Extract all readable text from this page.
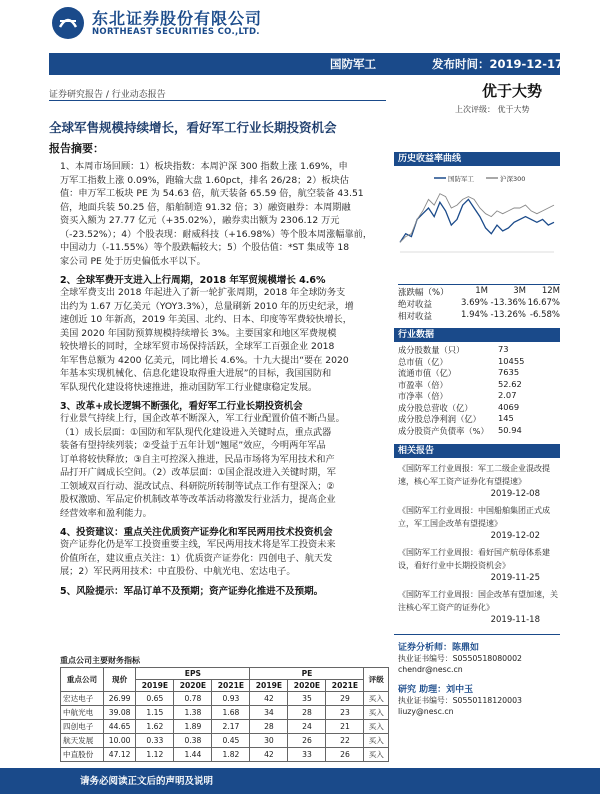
东北证券股份有限公司
NORTHEAST SECURITIES CO.,LTD.
国防军工	发布时间：2019-12-17
证券研究报告 / 行业动态报告	优于大势
上次评级： 优于大势
全球军售规模持续增长，看好军工行业长期投资机会
报告摘要：
1、本周市场回顾：1）板块指数：本周沪深 300 指数上涨 1.69%，申
万军工指数上涨 0.09%，跑输大盘 1.60pct，排名 26/28；2）板块估
值：申万军工板块 PE 为 54.63 倍，航天装备 65.59 倍，航空装备 43.51
倍，地面兵装 50.25 倍，船舶制造 91.32 倍；3）融资融券：本周期融
资买入额为 27.77 亿元（+35.02%），融券卖出额为 2306.12 万元
（-23.52%）；4）个股表现：耐威科技（+16.98%）等个股本周涨幅靠前，
中国动力（-11.55%）等个股跌幅较大；5）个股估值：*ST 集成等 18
家公司 PE 处于历史偏低水平以下。
2、全球军费开支进入上行周期，2018 年军贸规模增长 4.6%
全球军费支出 2018 年起进入了新一轮扩张周期，2018 年全球防务支
出约为 1.67 万亿美元（YOY3.3%），总量刷新 2010 年的历史纪录，增
速创近 10 年新高，2019 年美国、北约、日本、印度等军费较快增长，
美国 2020 年国防预算规模持续增长 3%。主要国家和地区军费规模
较快增长的同时，全球军贸市场保持活跃，全球军工百强企业 2018
年军售总额为 4200 亿美元，同比增长 4.6%。十九大提出“要在 2020
年基本实现机械化、信息化建设取得重大进展”的目标，我国国防和
军队现代化建设将快速推进，推动国防军工行业健康稳定发展。
3、改革+成长逻辑不断强化，看好军工行业长期投资机会
行业景气持续上行，国企改革不断深入，军工行业配置价值不断凸显。
（1）成长层面：①国防和军队现代化建设进入关键时点，重点武器
装备有望持续列装；②受益于五年计划“翘尾”效应，今明两年军品
订单将较快释放；③自主可控深入推进，民品市场将为军用技术和产
品打开广阔成长空间。（2）改革层面：①国企混改进入关键时期，军
工领域双百行动、混改试点、科研院所转制等试点工作有望深入；②
股权激励、军品定价机制改革等改革活动将激发行业活力，提高企业
经营效率和盈利能力。
4、投资建议：重点关注优质资产证券化和军民两用技术投资机会
资产证券化仍是军工投资重要主线，军民两用技术将是军工投资未来
价值所在，建议重点关注：1）优质资产证券化：四创电子、航天发
展；2）军民两用技术：中直股份、中航光电、宏达电子。
5、风险提示：军品订单不及预期；资产证券化推进不及预期。
重点公司主要财务指标
重点公司	现价	EPS			PE			评级
		2019E	2020E	2021E	2019E	2020E	2021E	
宏达电子	26.99	0.65	0.78	0.93	42	35	29	买入
中航光电	39.08	1.15	1.38	1.68	34	28	23	买入
四创电子	44.65	1.62	1.89	2.17	28	24	21	买入
航天发展	10.00	0.33	0.38	0.45	30	26	22	买入
中直股份	47.12	1.12	1.44	1.82	42	33	26	买入
历史收益率曲线
国防军工	沪深300
涨跌幅（%）	1M	3M	12M
绝对收益	3.69% -13.36% 16.67%
相对收益	1.94% -13.26% -6.58%
行业数据
成分股数量（只）	73
总市值（亿）	10455
流通市值（亿）	7635
市盈率（倍）	52.62
市净率（倍）	2.07
成分股总营收（亿）	4069
成分股总净利润（亿）	145
成分股资产负债率（%）	50.94
相关报告
《国防军工行业周报：军工二级企业混改提速，核心军工资产证券化有望提速》
2019-12-08
《国防军工行业周报：中国船舶集团正式成立，军工国企改革有望提速》
2019-12-02
《国防军工行业周报：看好国产航母体系建设，看好行业中长期投资机会》
2019-11-25
《国防军工行业周报：国企改革有望加速，关注核心军工资产的证券化》
2019-11-18
证券分析师：陈鼎如
执业证书编号：S0550518080002
chendr@nesc.cn
研究 助理：刘中玉
执业证书编号：S0550118120003
liuzy@nesc.cn
请务必阅读正文后的声明及说明
